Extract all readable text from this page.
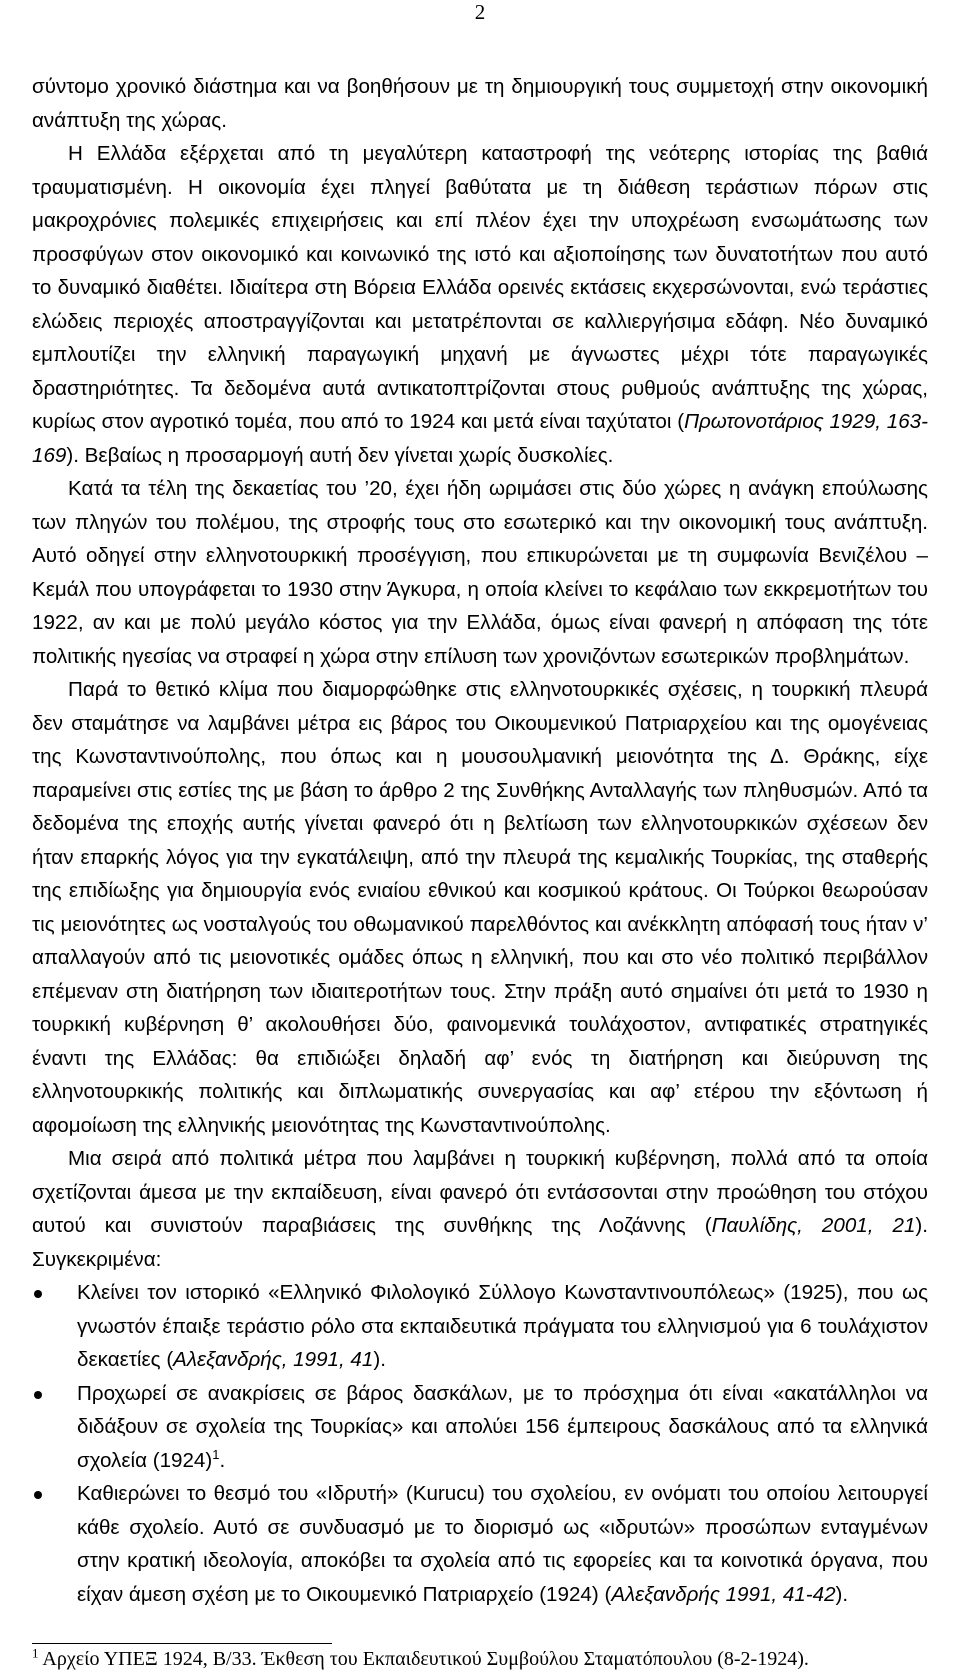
2

σύντομο χρονικό διάστημα και να βοηθήσουν με τη δημιουργική τους συμμετοχή στην οικονομική ανάπτυξη της χώρας.

Η Ελλάδα εξέρχεται από τη μεγαλύτερη καταστροφή της νεότερης ιστορίας της βαθιά τραυματισμένη. Η οικονομία έχει πληγεί βαθύτατα με τη διάθεση τεράστιων πόρων στις μακροχρόνιες πολεμικές επιχειρήσεις και επί πλέον έχει την υποχρέωση ενσωμάτωσης των προσφύγων στον οικονομικό και κοινωνικό της ιστό και αξιοποίησης των δυνατοτήτων που αυτό το δυναμικό διαθέτει. Ιδιαίτερα στη Βόρεια Ελλάδα ορεινές εκτάσεις εκχερσώνονται, ενώ τεράστιες ελώδεις περιοχές αποστραγγίζονται και μετατρέπονται σε καλλιεργήσιμα εδάφη. Νέο δυναμικό εμπλουτίζει την ελληνική παραγωγική μηχανή με άγνωστες μέχρι τότε παραγωγικές δραστηριότητες. Τα δεδομένα αυτά αντικατοπτρίζονται στους ρυθμούς ανάπτυξης της χώρας, κυρίως στον αγροτικό τομέα, που από το 1924 και μετά είναι ταχύτατοι (Πρωτονοτάριος 1929, 163-169). Βεβαίως η προσαρμογή αυτή δεν γίνεται χωρίς δυσκολίες.

Κατά τα τέλη της δεκαετίας του ’20, έχει ήδη ωριμάσει στις δύο χώρες η ανάγκη επούλωσης των πληγών του πολέμου, της στροφής τους στο εσωτερικό και την οικονομική τους ανάπτυξη. Αυτό οδηγεί στην ελληνοτουρκική προσέγγιση, που επικυρώνεται με τη συμφωνία Βενιζέλου – Κεμάλ που υπογράφεται το 1930 στην Άγκυρα, η οποία κλείνει το κεφάλαιο των εκκρεμοτήτων του 1922, αν και με πολύ μεγάλο κόστος για την Ελλάδα, όμως είναι φανερή η απόφαση της τότε πολιτικής ηγεσίας να στραφεί η χώρα στην επίλυση των χρονιζόντων εσωτερικών προβλημάτων.

Παρά το θετικό κλίμα που διαμορφώθηκε στις ελληνοτουρκικές σχέσεις, η τουρκική πλευρά δεν σταμάτησε να λαμβάνει μέτρα εις βάρος του Οικουμενικού Πατριαρχείου και της ομογένειας της Κωνσταντινούπολης, που όπως και η μουσουλμανική μειονότητα της Δ. Θράκης, είχε παραμείνει στις εστίες της με βάση το άρθρο 2 της Συνθήκης Ανταλλαγής των πληθυσμών. Από τα δεδομένα της εποχής αυτής γίνεται φανερό ότι η βελτίωση των ελληνοτουρκικών σχέσεων δεν ήταν επαρκής λόγος για την εγκατάλειψη, από την πλευρά της κεμαλικής Τουρκίας, της σταθερής της επιδίωξης για δημιουργία ενός ενιαίου εθνικού και κοσμικού κράτους. Οι Τούρκοι θεωρούσαν τις μειονότητες ως νοσταλγούς του οθωμανικού παρελθόντος και ανέκκλητη απόφασή τους ήταν ν’ απαλλαγούν από τις μειονοτικές ομάδες όπως η ελληνική, που και στο νέο πολιτικό περιβάλλον επέμεναν στη διατήρηση των ιδιαιτεροτήτων τους. Στην πράξη αυτό σημαίνει ότι μετά το 1930 η τουρκική κυβέρνηση θ’ ακολουθήσει δύο, φαινομενικά τουλάχοστον, αντιφατικές στρατηγικές έναντι της Ελλάδας: θα επιδιώξει δηλαδή αφ’ ενός τη διατήρηση και διεύρυνση της ελληνοτουρκικής πολιτικής και διπλωματικής συνεργασίας και αφ’ ετέρου την εξόντωση ή αφομοίωση της ελληνικής μειονότητας της Κωνσταντινούπολης.

Μια σειρά από πολιτικά μέτρα που λαμβάνει η τουρκική κυβέρνηση, πολλά από τα οποία σχετίζονται άμεσα με την εκπαίδευση, είναι φανερό ότι εντάσσονται στην προώθηση του στόχου αυτού και συνιστούν παραβιάσεις της συνθήκης της Λοζάννης (Παυλίδης, 2001, 21). Συγκεκριμένα:

Κλείνει τον ιστορικό «Ελληνικό Φιλολογικό Σύλλογο Κωνσταντινουπόλεως» (1925), που ως γνωστόν έπαιξε τεράστιο ρόλο στα εκπαιδευτικά πράγματα του ελληνισμού για 6 τουλάχιστον δεκαετίες (Αλεξανδρής, 1991, 41).
Προχωρεί σε ανακρίσεις σε βάρος δασκάλων, με το πρόσχημα ότι είναι «ακατάλληλοι να διδάξουν σε σχολεία της Τουρκίας» και απολύει 156 έμπειρους δασκάλους από τα ελληνικά σχολεία $(1924)^1$.
Καθιερώνει το θεσμό του «Ιδρυτή» (Kurucu) του σχολείου, εν ονόματι του οποίου λειτουργεί κάθε σχολείο. Αυτό σε συνδυασμό με το διορισμό ως «ιδρυτών» προσώπων ενταγμένων στην κρατική ιδεολογία, αποκόβει τα σχολεία από τις εφορείες και τα κοινοτικά όργανα, που είχαν άμεση σχέση με το Οικουμενικό Πατριαρχείο (1924) (Αλεξανδρής 1991, 41-42).
$^1$ Αρχείο ΥΠΕΞ 1924, Β/33. Έκθεση του Εκπαιδευτικού Συμβούλου Σταματόπουλου (8-2-1924).
